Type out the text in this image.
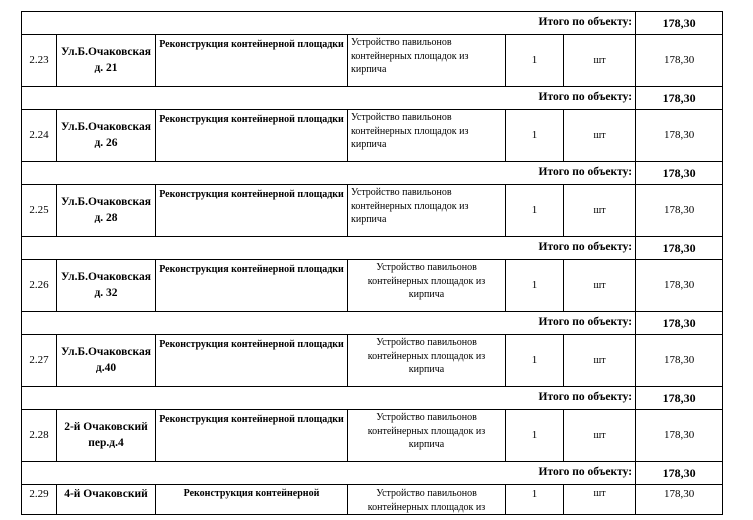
Итого по объекту:						178,30
2.23	Ул.Б.Очаковская д. 21	Реконструкция контейнерной площадки	Устройство павильонов контейнерных площадок из кирпича	1	шт	178,30
Итого по объекту:						178,30
2.24	Ул.Б.Очаковская д. 26	Реконструкция контейнерной площадки	Устройство павильонов контейнерных площадок из кирпича	1	шт	178,30
Итого по объекту:						178,30
2.25	Ул.Б.Очаковская д. 28	Реконструкция контейнерной площадки	Устройство павильонов контейнерных площадок из кирпича	1	шт	178,30
Итого по объекту:						178,30
2.26	Ул.Б.Очаковская д. 32	Реконструкция контейнерной площадки	Устройство павильонов контейнерных площадок из кирпича	1	шт	178,30
Итого по объекту:						178,30
2.27	Ул.Б.Очаковская д.40	Реконструкция контейнерной площадки	Устройство павильонов контейнерных площадок из кирпича	1	шт	178,30
Итого по объекту:						178,30
2.28	2-й Очаковский пер.д.4	Реконструкция контейнерной площадки	Устройство павильонов контейнерных площадок из кирпича	1	шт	178,30
Итого по объекту:						178,30
2.29	4-й Очаковский	Реконструкция контейнерной	Устройство павильонов контейнерных площадок из	1	шт	178,30
